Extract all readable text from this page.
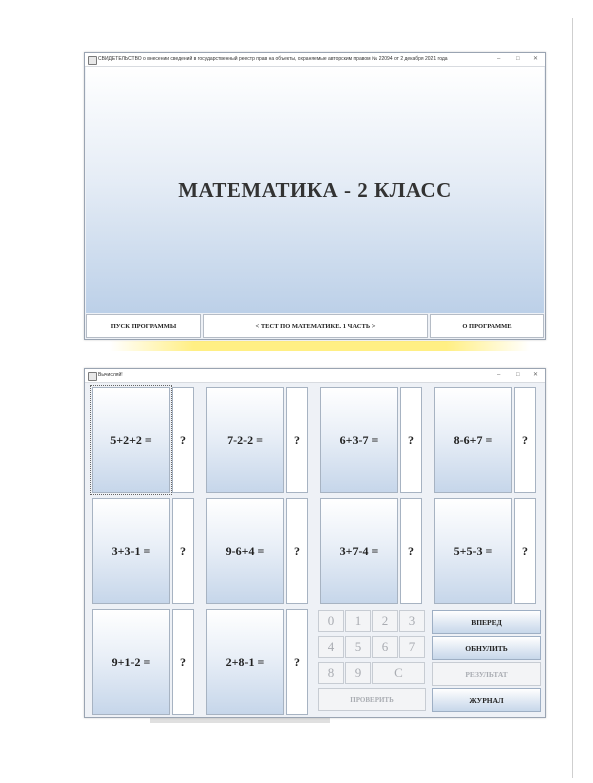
СВИДЕТЕЛЬСТВО о внесении сведений в государственный реестр прав на объекты, охраняемые авторским правом № 22094 от 2 декабря 2021 года	–	□ ✕
МАТЕМАТИКА - 2 КЛАСС
ПУСК ПРОГРАММЫ	< ТЕСТ ПО МАТЕМАТИКЕ. 1 ЧАСТЬ >	О ПРОГРАММЕ
Вычисляй!	–	□ ✕
5+2+2 =	?	7-2-2 =	?	6+3-7 =	?	8-6+7 =	?
3+3-1 =	?	9-6+4 =	?	3+7-4 =	?	5+5-3 =	?
9+1-2 =	?	2+8-1 =	?
0	1	2	3
4	5	6	7
8	9	C
ПРОВЕРИТЬ
ВПЕРЕД
ОБНУЛИТЬ
РЕЗУЛЬТАТ
ЖУРНАЛ
